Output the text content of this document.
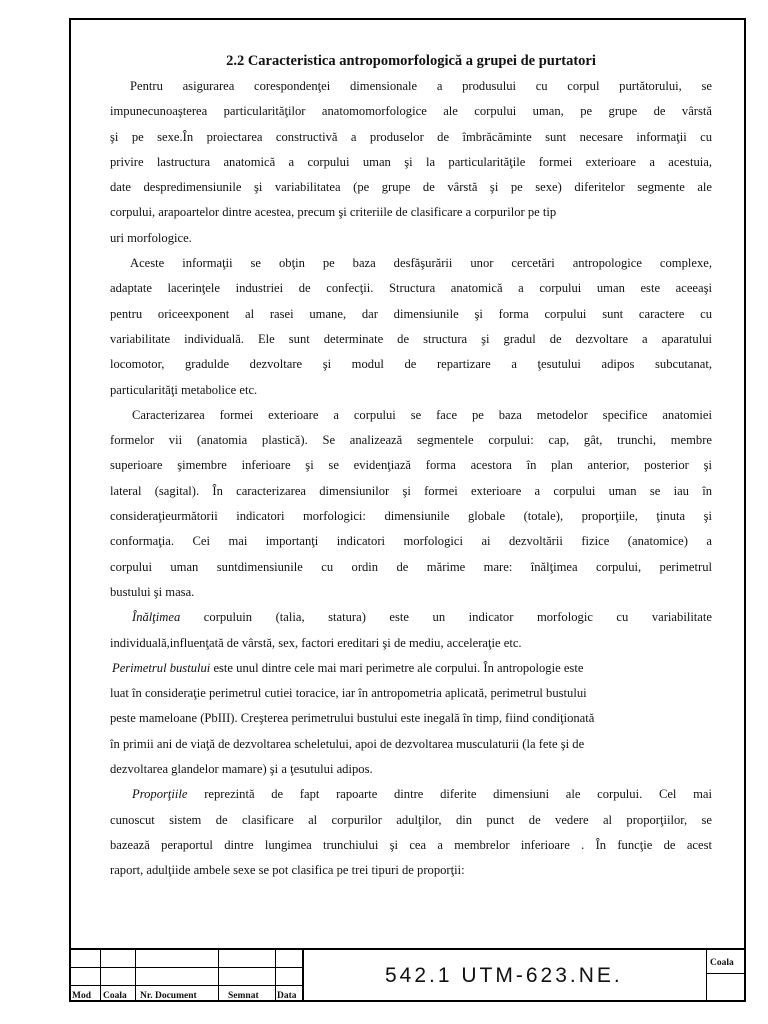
2.2 Caracteristica antropomorfologică a grupei de purtatori
Pentru asigurarea corespondenţei dimensionale a produsului cu corpul purtătorului, se
impunecunoaşterea particularităţilor anatomomorfologice ale corpului uman, pe grupe de vârstă
şi pe sexe.În proiectarea constructivă a produselor de îmbrăcăminte sunt necesare informaţii cu
privire lastructura anatomică a corpului uman şi la particularităţile formei exterioare a acestuia,
date despredimensiunile şi variabilitatea (pe grupe de vârstă şi pe sexe) diferitelor segmente ale
corpului, arapoartelor dintre acestea, precum şi criteriile de clasificare a corpurilor pe tip
uri morfologice.
Aceste informaţii se obţin pe baza desfăşurării unor cercetări antropologice complexe,
adaptate lacerinţele industriei de confecţii. Structura anatomică a corpului uman este aceeaşi
pentru oriceexponent al rasei umane, dar dimensiunile şi forma corpului sunt caractere cu
variabilitate individuală. Ele sunt determinate de structura şi gradul de dezvoltare a aparatului
locomotor, gradulde dezvoltare şi modul de repartizare a ţesutului adipos subcutanat,
particularităţi metabolice etc.
Caracterizarea formei exterioare a corpului se face pe baza metodelor specifice anatomiei
formelor vii (anatomia plastică). Se analizează segmentele corpului: cap, gât, trunchi, membre
superioare şimembre inferioare şi se evidenţiază forma acestora în plan anterior, posterior şi
lateral (sagital). În caracterizarea dimensiunilor şi formei exterioare a corpului uman se iau în
consideraţieurmătorii indicatori morfologici: dimensiunile globale (totale), proporţiile, ţinuta şi
conformaţia. Cei mai importanţi indicatori morfologici ai dezvoltării fizice (anatomice) a
corpului uman suntdimensiunile cu ordin de mărime mare: înălţimea corpului, perimetrul
bustului şi masa.
Înălţimea corpuluin (talia, statura) este un indicator morfologic cu variabilitate
individuală,influenţată de vârstă, sex, factori ereditari şi de mediu, acceleraţie etc.
Perimetrul bustului este unul dintre cele mai mari perimetre ale corpului. În antropologie este
luat în consideraţie perimetrul cutiei toracice, iar în antropometria aplicată, perimetrul bustului
peste mameloane (PbIII). Creşterea perimetrului bustului este inegală în timp, fiind condiţionată
în primii ani de viaţă de dezvoltarea scheletului, apoi de dezvoltarea musculaturii (la fete şi de
dezvoltarea glandelor mamare) şi a ţesutului adipos.
Proporţiile reprezintă de fapt rapoarte dintre diferite dimensiuni ale corpului. Cel mai
cunoscut sistem de clasificare al corpurilor adulţilor, din punct de vedere al proporţiilor, se
bazează peraportul dintre lungimea trunchiului şi cea a membrelor inferioare . În funcţie de acest
raport, adulţiide ambele sexe se pot clasifica pe trei tipuri de proporţii:
Mod Coala Nr. Document	Semnat Data
542.1 UTM-623.NE.
Coala
